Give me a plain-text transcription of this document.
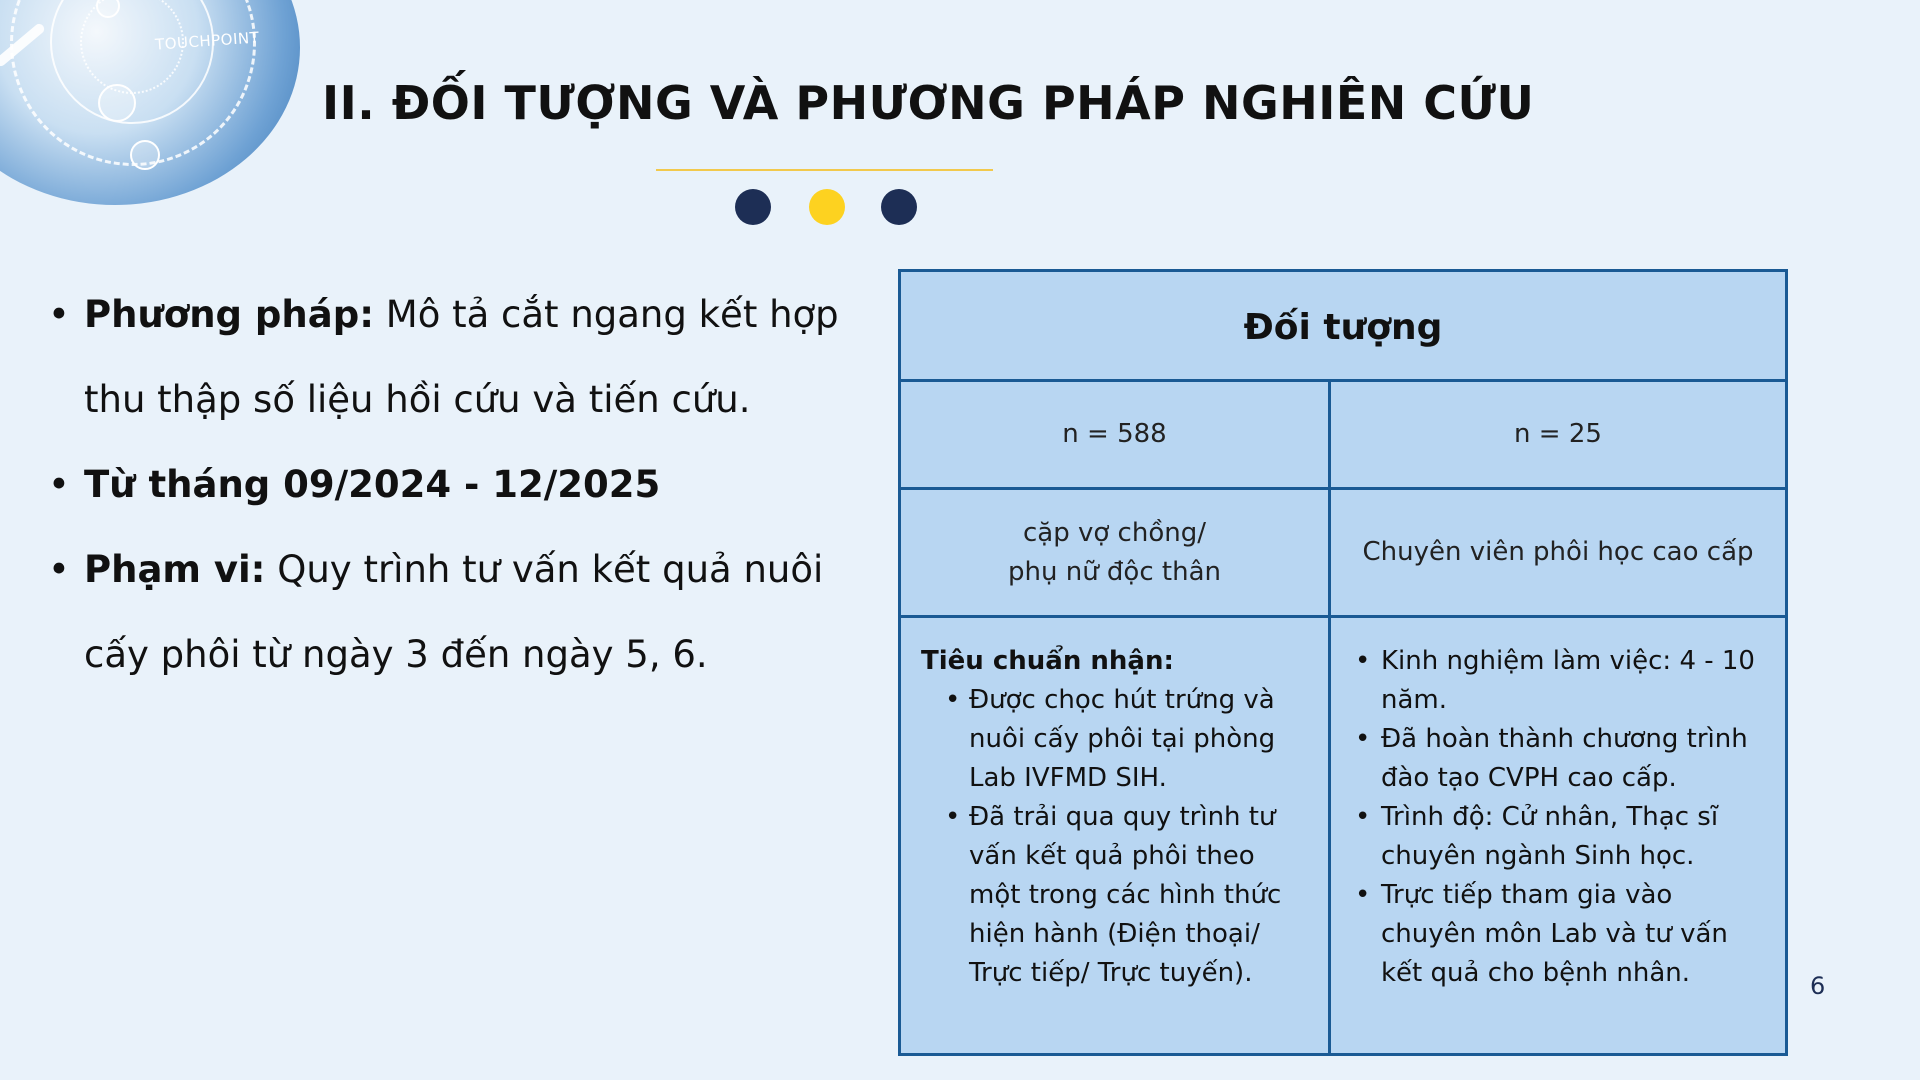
TOUCHPOINT
II. ĐỐI TƯỢNG VÀ PHƯƠNG PHÁP NGHIÊN CỨU
• Phương pháp: Mô tả cắt ngang kết hợp thu thập số liệu hồi cứu và tiến cứu.
• Từ tháng 09/2024 - 12/2025
• Phạm vi: Quy trình tư vấn kết quả nuôi cấy phôi từ ngày 3 đến ngày 5, 6.
Đối tượng
n = 588	n = 25
cặp vợ chồng/
phụ nữ độc thân
Chuyên viên phôi học cao cấp
Tiêu chuẩn nhận:
• Được chọc hút trứng và nuôi cấy phôi tại phòng Lab IVFMD SIH.
• Đã trải qua quy trình tư vấn kết quả phôi theo một trong các hình thức hiện hành (Điện thoại/ Trực tiếp/ Trực tuyến).
• Kinh nghiệm làm việc: 4 - 10 năm.
• Đã hoàn thành chương trình đào tạo CVPH cao cấp.
• Trình độ: Cử nhân, Thạc sĩ chuyên ngành Sinh học.
• Trực tiếp tham gia vào chuyên môn Lab và tư vấn kết quả cho bệnh nhân.	6
